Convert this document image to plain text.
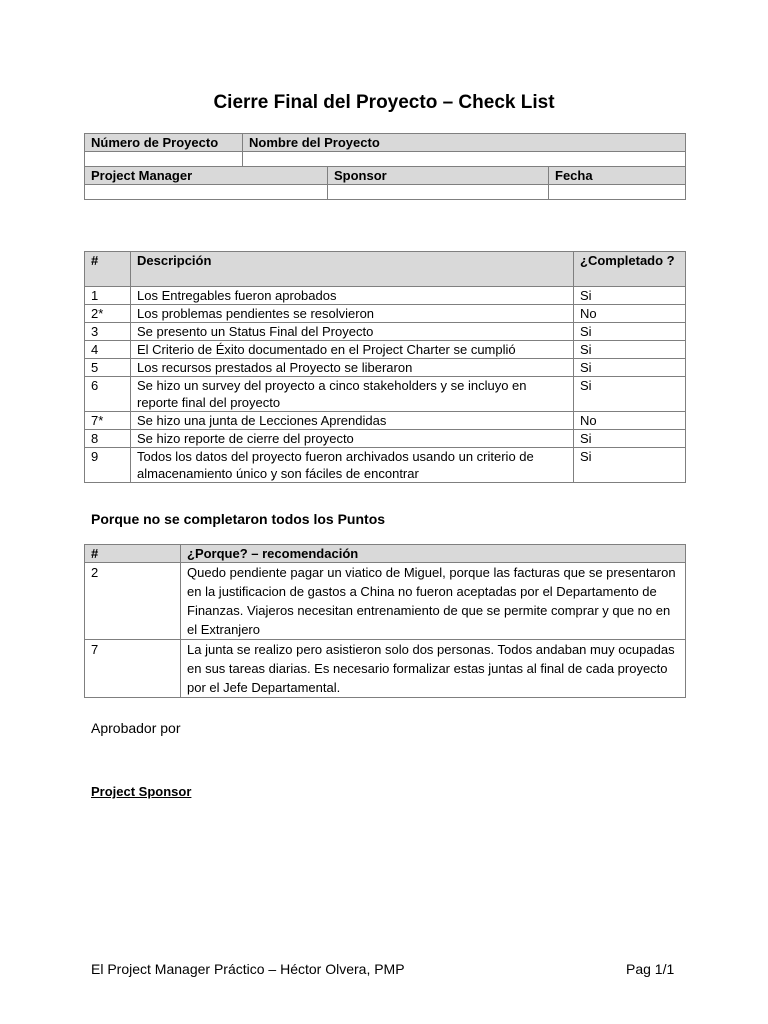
Cierre Final del Proyecto – Check List
Número de Proyecto	Nombre del Proyecto		

Project Manager		Sponsor	Fecha

#	Descripción	¿Completado ?
1	Los Entregables fueron aprobados	Si
2*	Los problemas pendientes se resolvieron	No
3	Se presento un Status Final del Proyecto	Si
4	El Criterio de Éxito documentado en el Project Charter se cumplió	Si
5	Los recursos prestados al Proyecto se liberaron	Si
6	Se hizo un survey del proyecto a cinco stakeholders y se incluyo en reporte final del proyecto	Si
7*	Se hizo una junta de Lecciones Aprendidas	No
8	Se hizo reporte de cierre del proyecto	Si
9	Todos los datos del proyecto fueron archivados usando un criterio de almacenamiento único y son fáciles de encontrar	Si
Porque no se completaron todos los Puntos
#	¿Porque? – recomendación
2	Quedo pendiente pagar un viatico de Miguel, porque las facturas que se presentaron en la justificacion de gastos a China no fueron aceptadas por el Departamento de Finanzas. Viajeros necesitan entrenamiento de que se permite comprar y que no en el Extranjero
7	La junta se realizo pero asistieron solo dos personas. Todos andaban muy ocupadas en sus tareas diarias. Es necesario formalizar estas juntas al final de cada proyecto por el Jefe Departamental.
Aprobador por
Project Sponsor
El Project Manager Práctico – Héctor Olvera, PMP	Pag 1/1
